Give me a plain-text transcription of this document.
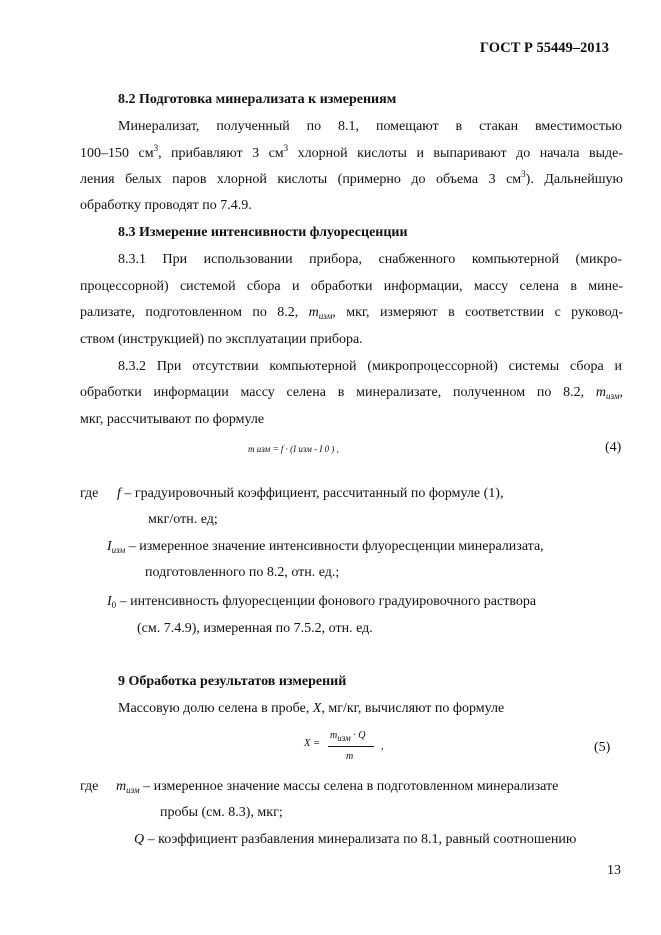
ГОСТ Р 55449–2013
8.2 Подготовка минерализата к измерениям
Минерализат, полученный по 8.1, помещают в стакан вместимостью
100–150 $см^3$, прибавляют 3 $см^3$ хлорной кислоты и выпаривают до начала выде-
ления белых паров хлорной кислоты (примерно до объема 3 $см^3$). Дальнейшую
обработку проводят по 7.4.9.
8.3 Измерение интенсивности флуоресценции
8.3.1 При использовании прибора, снабженного компьютерной (микро-
процессорной) системой сбора и обработки информации, массу селена в мине-
рализате, подготовленном по 8.2, $m_{изм}$, мкг, измеряют в соответствии с руковод-
ством (инструкцией) по эксплуатации прибора.
8.3.2 При отсутствии компьютерной (микропроцессорной) системы сбора и
обработки информации массу селена в минерализате, полученном по 8.2, $m_{изм}$,
мкг, рассчитывают по формуле
m изм = f · (I изм - I 0 ) ,	(4)
где f – градуировочный коэффициент, рассчитанный по формуле (1),
мкг/отн. ед;
$I_{изм}$ – измеренное значение интенсивности флуоресценции минерализата,
подготовленного по 8.2, отн. ед.;
$I_0$ – интенсивность флуоресценции фонового градуировочного раствора
(см. 7.4.9), измеренная по 7.5.2, отн. ед.
9 Обработка результатов измерений
Массовую долю селена в пробе, X, мг/кг, вычисляют по формуле
X =
$m_{изм} \cdot Q$
m
,	(5)
где $m_{изм}$ – измеренное значение массы селена в подготовленном минерализате
пробы (см. 8.3), мкг;
Q – коэффициент разбавления минерализата по 8.1, равный соотношению
13
